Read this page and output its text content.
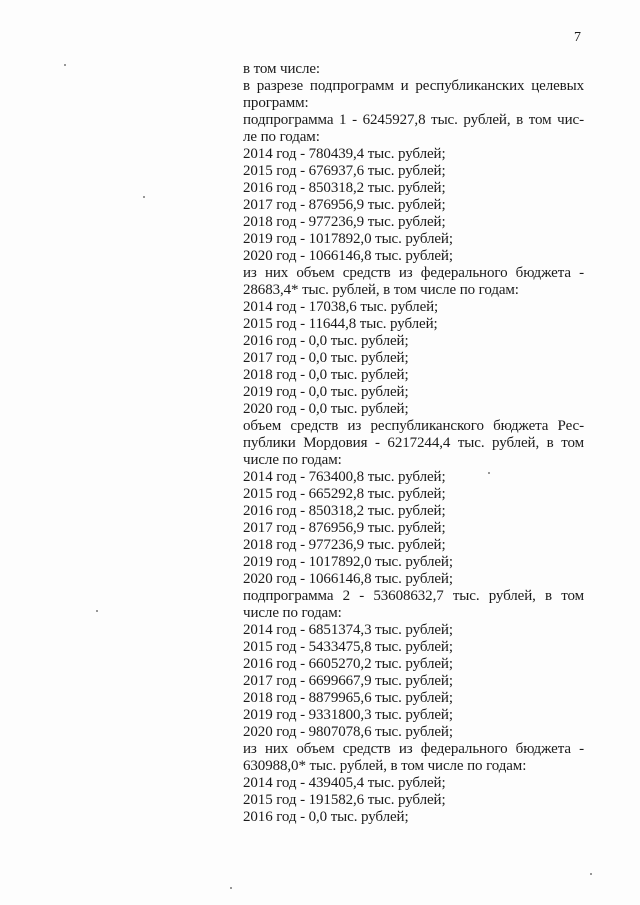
7
в том числе:
в разрезе подпрограмм и республиканских целевых
программ:
подпрограмма 1 - 6245927,8 тыс. рублей, в том чис-
ле по годам:
2014 год - 780439,4 тыс. рублей;
2015 год - 676937,6 тыс. рублей;
2016 год - 850318,2 тыс. рублей;
2017 год - 876956,9 тыс. рублей;
2018 год - 977236,9 тыс. рублей;
2019 год - 1017892,0 тыс. рублей;
2020 год - 1066146,8 тыс. рублей;
из них объем средств из федерального бюджета -
28683,4* тыс. рублей, в том числе по годам:
2014 год - 17038,6 тыс. рублей;
2015 год - 11644,8 тыс. рублей;
2016 год - 0,0 тыс. рублей;
2017 год - 0,0 тыс. рублей;
2018 год - 0,0 тыс. рублей;
2019 год - 0,0 тыс. рублей;
2020 год - 0,0 тыс. рублей;
объем средств из республиканского бюджета Рес-
публики Мордовия - 6217244,4 тыс. рублей, в том
числе по годам:
2014 год - 763400,8 тыс. рублей;
2015 год - 665292,8 тыс. рублей;
2016 год - 850318,2 тыс. рублей;
2017 год - 876956,9 тыс. рублей;
2018 год - 977236,9 тыс. рублей;
2019 год - 1017892,0 тыс. рублей;
2020 год - 1066146,8 тыс. рублей;
подпрограмма 2 - 53608632,7 тыс. рублей, в том
числе по годам:
2014 год - 6851374,3 тыс. рублей;
2015 год - 5433475,8 тыс. рублей;
2016 год - 6605270,2 тыс. рублей;
2017 год - 6699667,9 тыс. рублей;
2018 год - 8879965,6 тыс. рублей;
2019 год - 9331800,3 тыс. рублей;
2020 год - 9807078,6 тыс. рублей;
из них объем средств из федерального бюджета -
630988,0* тыс. рублей, в том числе по годам:
2014 год - 439405,4 тыс. рублей;
2015 год - 191582,6 тыс. рублей;
2016 год - 0,0 тыс. рублей;
